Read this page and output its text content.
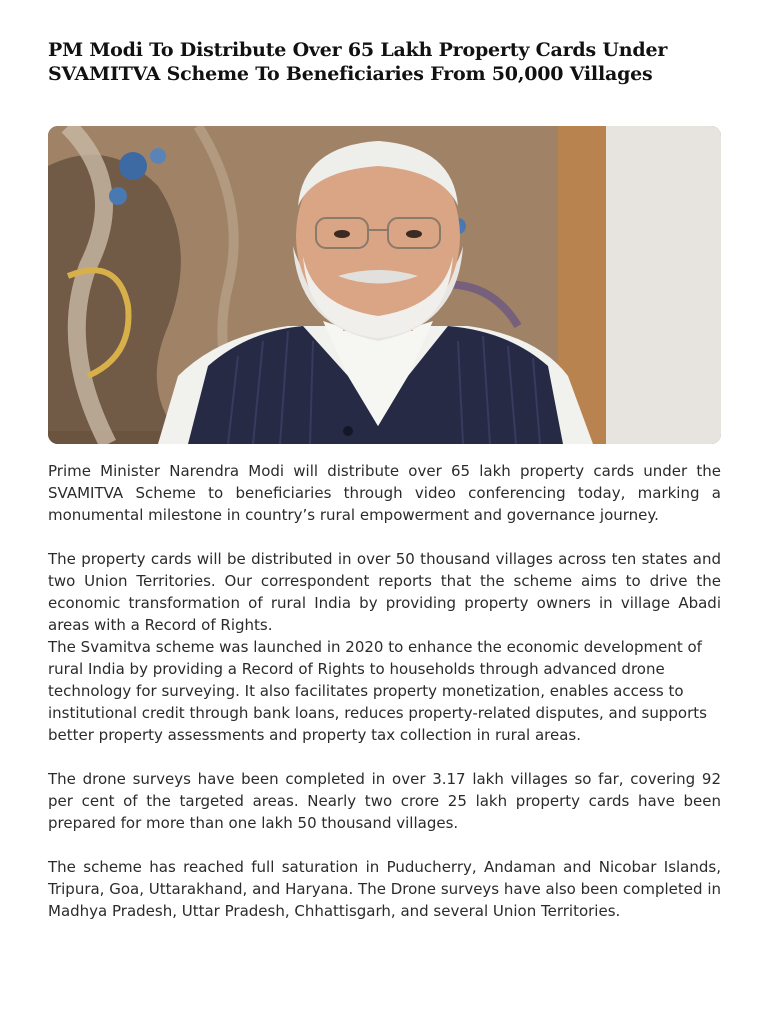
PM Modi To Distribute Over 65 Lakh Property Cards Under SVAMITVA Scheme To Beneficiaries From 50,000 Villages

Prime Minister Narendra Modi will distribute over 65 lakh property cards under the SVAMITVA Scheme to beneficiaries through video conferencing today, marking a monumental milestone in country’s rural empowerment and governance journey.

The property cards will be distributed in over 50 thousand villages across ten states and two Union Territories. Our correspondent reports that the scheme aims to drive the economic transformation of rural India by providing property owners in village Abadi areas with a Record of Rights.

The Svamitva scheme was launched in 2020 to enhance the economic development of rural India by providing a Record of Rights to households through advanced drone technology for surveying. It also facilitates property monetization, enables access to institutional credit through bank loans, reduces property-related disputes, and supports better property assessments and property tax collection in rural areas.

The drone surveys have been completed in over 3.17 lakh villages so far, covering 92 per cent of the targeted areas. Nearly two crore 25 lakh property cards have been prepared for more than one lakh 50 thousand villages.

The scheme has reached full saturation in Puducherry, Andaman and Nicobar Islands, Tripura, Goa, Uttarakhand, and Haryana. The Drone surveys have also been completed in Madhya Pradesh, Uttar Pradesh, Chhattisgarh, and several Union Territories.
